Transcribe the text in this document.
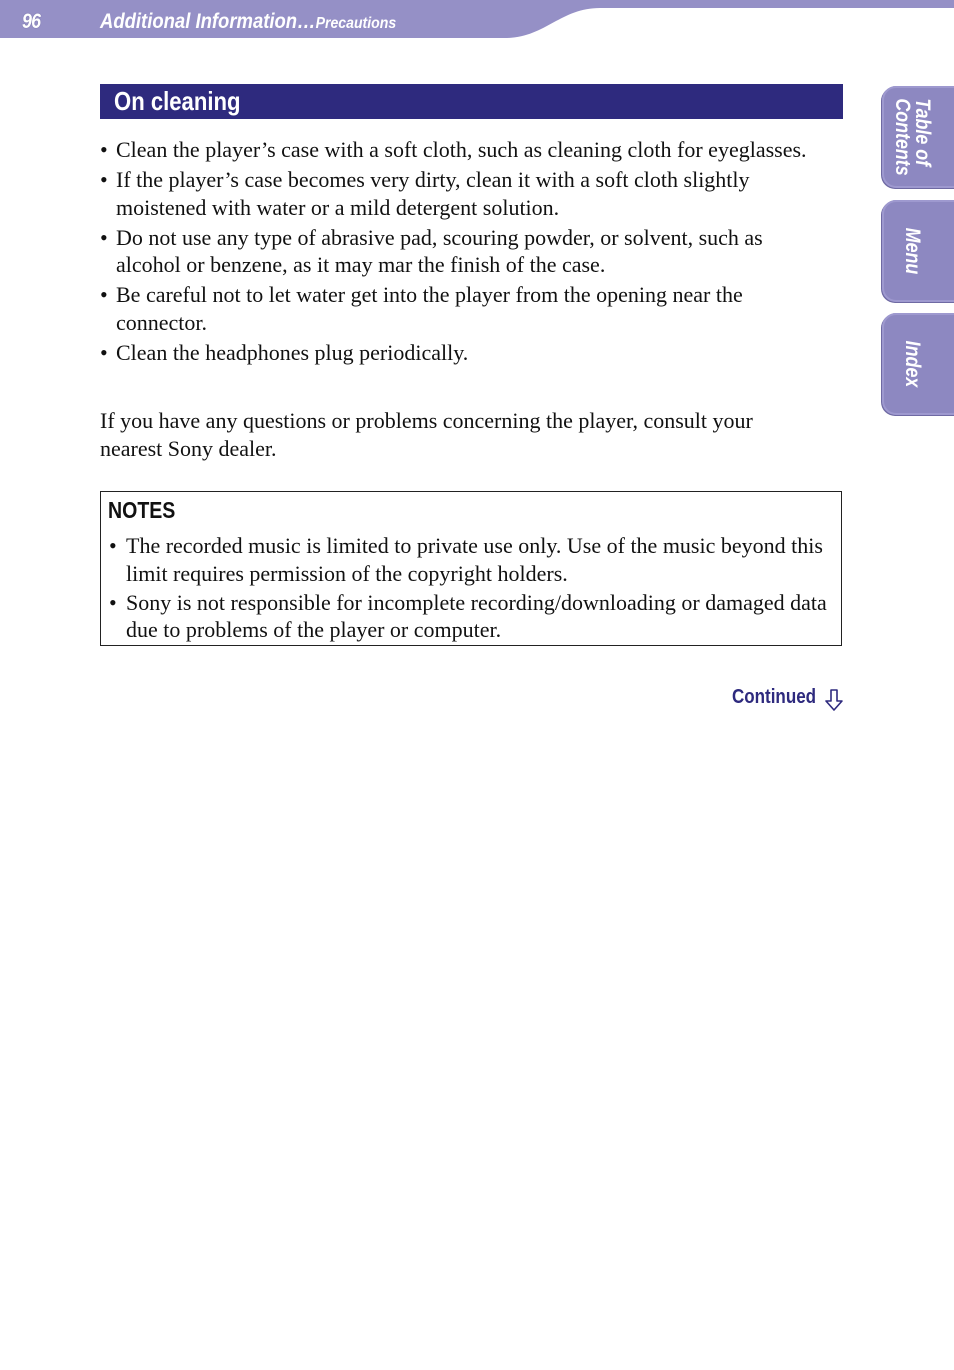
96	Additional Information…Precautions
Table of
Contents
Menu
Index
On cleaning
• Clean the player’s case with a soft cloth, such as cleaning cloth for eyeglasses.
• If the player’s case becomes very dirty, clean it with a soft cloth slightly moistened with water or a mild detergent solution.
• Do not use any type of abrasive pad, scouring powder, or solvent, such as alcohol or benzene, as it may mar the finish of the case.
• Be careful not to let water get into the player from the opening near the connector.
• Clean the headphones plug periodically.

If you have any questions or problems concerning the player, consult your nearest Sony dealer.

NOTES
• The recorded music is limited to private use only. Use of the music beyond this limit requires permission of the copyright holders.
• Sony is not responsible for incomplete recording/downloading or damaged data due to problems of the player or computer.
Continued
